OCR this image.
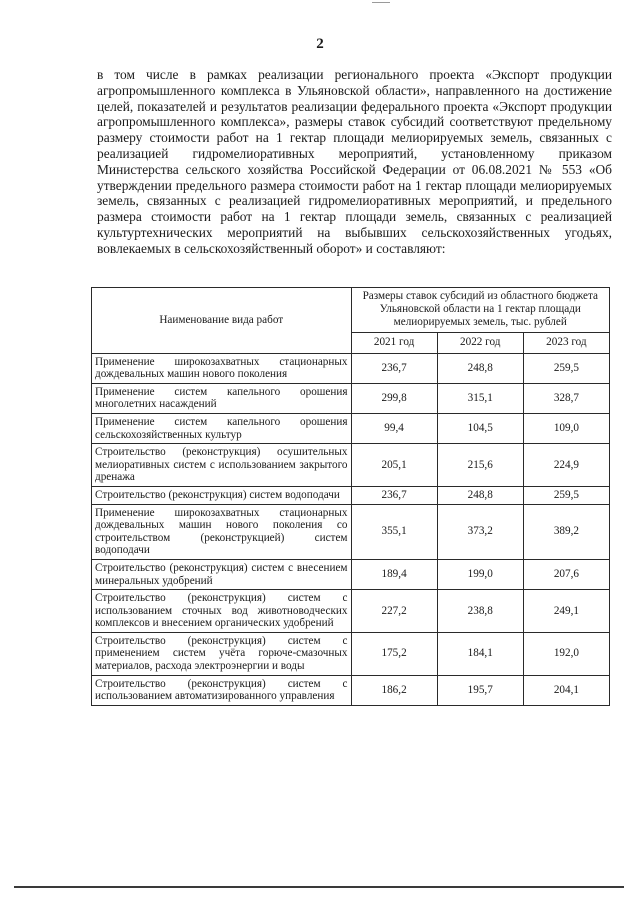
2

в том числе в рамках реализации регионального проекта «Экспорт продукции агропромышленного комплекса в Ульяновской области», направленного на достижение целей, показателей и результатов реализации федерального проекта «Экспорт продукции агропромышленного комплекса», размеры ставок субсидий соответствуют предельному размеру стоимости работ на 1 гектар площади мелиорируемых земель, связанных с реализацией гидромелиоративных мероприятий, установленному приказом Министерства сельского хозяйства Российской Федерации от 06.08.2021 № 553 «Об утверждении предельного размера стоимости работ на 1 гектар площади мелиорируемых земель, связанных с реализацией гидромелиоративных мероприятий, и предельного размера стоимости работ на 1 гектар площади земель, связанных с реализацией культуртехнических мероприятий на выбывших сельскохозяйственных угодьях, вовлекаемых в сельскохозяйственный оборот» и составляют:

Наименование вида работ	Размеры ставок субсидий из областного бюджета Ульяновской области на 1 гектар площади мелиорируемых земель, тыс. рублей		
	2021 год	2022 год	2023 год
Применение широкозахватных стационарных дождевальных машин нового поколения	236,7	248,8	259,5
Применение систем капельного орошения многолетних насаждений	299,8	315,1	328,7
Применение систем капельного орошения сельскохозяйственных культур	99,4	104,5	109,0
Строительство (реконструкция) осушительных мелиоративных систем с использованием закрытого дренажа	205,1	215,6	224,9
Строительство (реконструкция) систем водоподачи	236,7	248,8	259,5
Применение широкозахватных стационарных дождевальных машин нового поколения со строительством (реконструкцией) систем водоподачи	355,1	373,2	389,2
Строительство (реконструкция) систем с внесением минеральных удобрений	189,4	199,0	207,6
Строительство (реконструкция) систем с использованием сточных вод животноводческих комплексов и внесением органических удобрений	227,2	238,8	249,1
Строительство (реконструкция) систем с применением систем учёта горюче-смазочных материалов, расхода электроэнергии и воды	175,2	184,1	192,0
Строительство (реконструкция) систем с использованием автоматизированного управления	186,2	195,7	204,1
